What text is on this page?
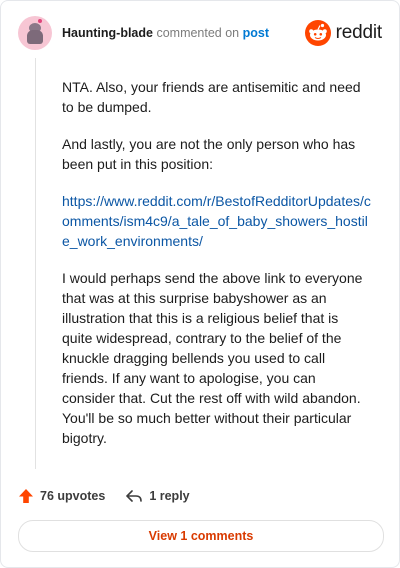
Haunting-blade commented on post	reddit

NTA. Also, your friends are antisemitic and need to be dumped.

And lastly, you are not the only person who has been put in this position:

https://www.reddit.com/r/BestofRedditorUpdates/comments/ism4c9/a_tale_of_baby_showers_hostile_work_environments/

I would perhaps send the above link to everyone that was at this surprise babyshower as an illustration that this is a religious belief that is quite widespread, contrary to the belief of the knuckle dragging bellends you used to call friends. If any want to apologise, you can consider that. Cut the rest off with wild abandon. You'll be so much better without their particular bigotry.

76 upvotes	1 reply
View 1 comments
